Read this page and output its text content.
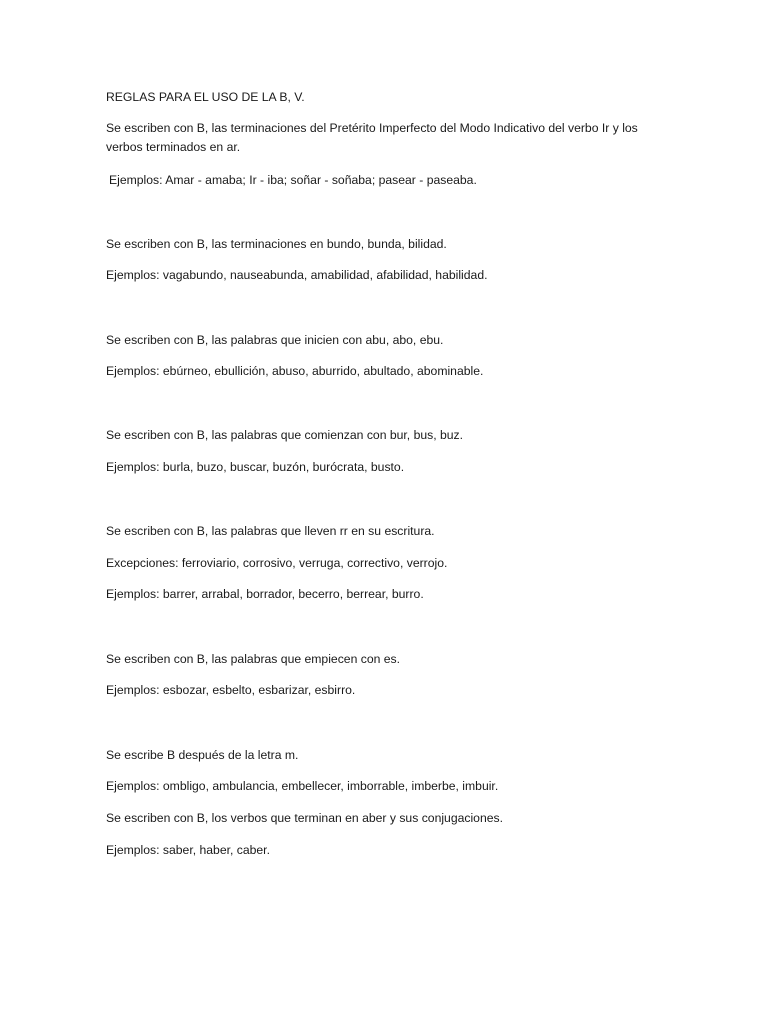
REGLAS PARA EL USO DE LA B, V.
Se escriben con B, las terminaciones del Pretérito Imperfecto del Modo Indicativo del verbo Ir y los verbos terminados en ar.
Ejemplos: Amar - amaba; Ir - iba; soñar - soñaba; pasear - paseaba.
Se escriben con B, las terminaciones en bundo, bunda, bilidad.
Ejemplos: vagabundo, nauseabunda, amabilidad, afabilidad, habilidad.
Se escriben con B, las palabras que inicien con abu, abo, ebu.
Ejemplos: ebúrneo, ebullición, abuso, aburrido, abultado, abominable.
Se escriben con B, las palabras que comienzan con bur, bus, buz.
Ejemplos: burla, buzo, buscar, buzón, burócrata, busto.
Se escriben con B, las palabras que lleven rr en su escritura.
Excepciones: ferroviario, corrosivo, verruga, correctivo, verrojo.
Ejemplos: barrer, arrabal, borrador, becerro, berrear, burro.
Se escriben con B, las palabras que empiecen con es.
Ejemplos: esbozar, esbelto, esbarizar, esbirro.
Se escribe B después de la letra m.
Ejemplos: ombligo, ambulancia, embellecer, imborrable, imberbe, imbuir.
Se escriben con B, los verbos que terminan en aber y sus conjugaciones.
Ejemplos: saber, haber, caber.
